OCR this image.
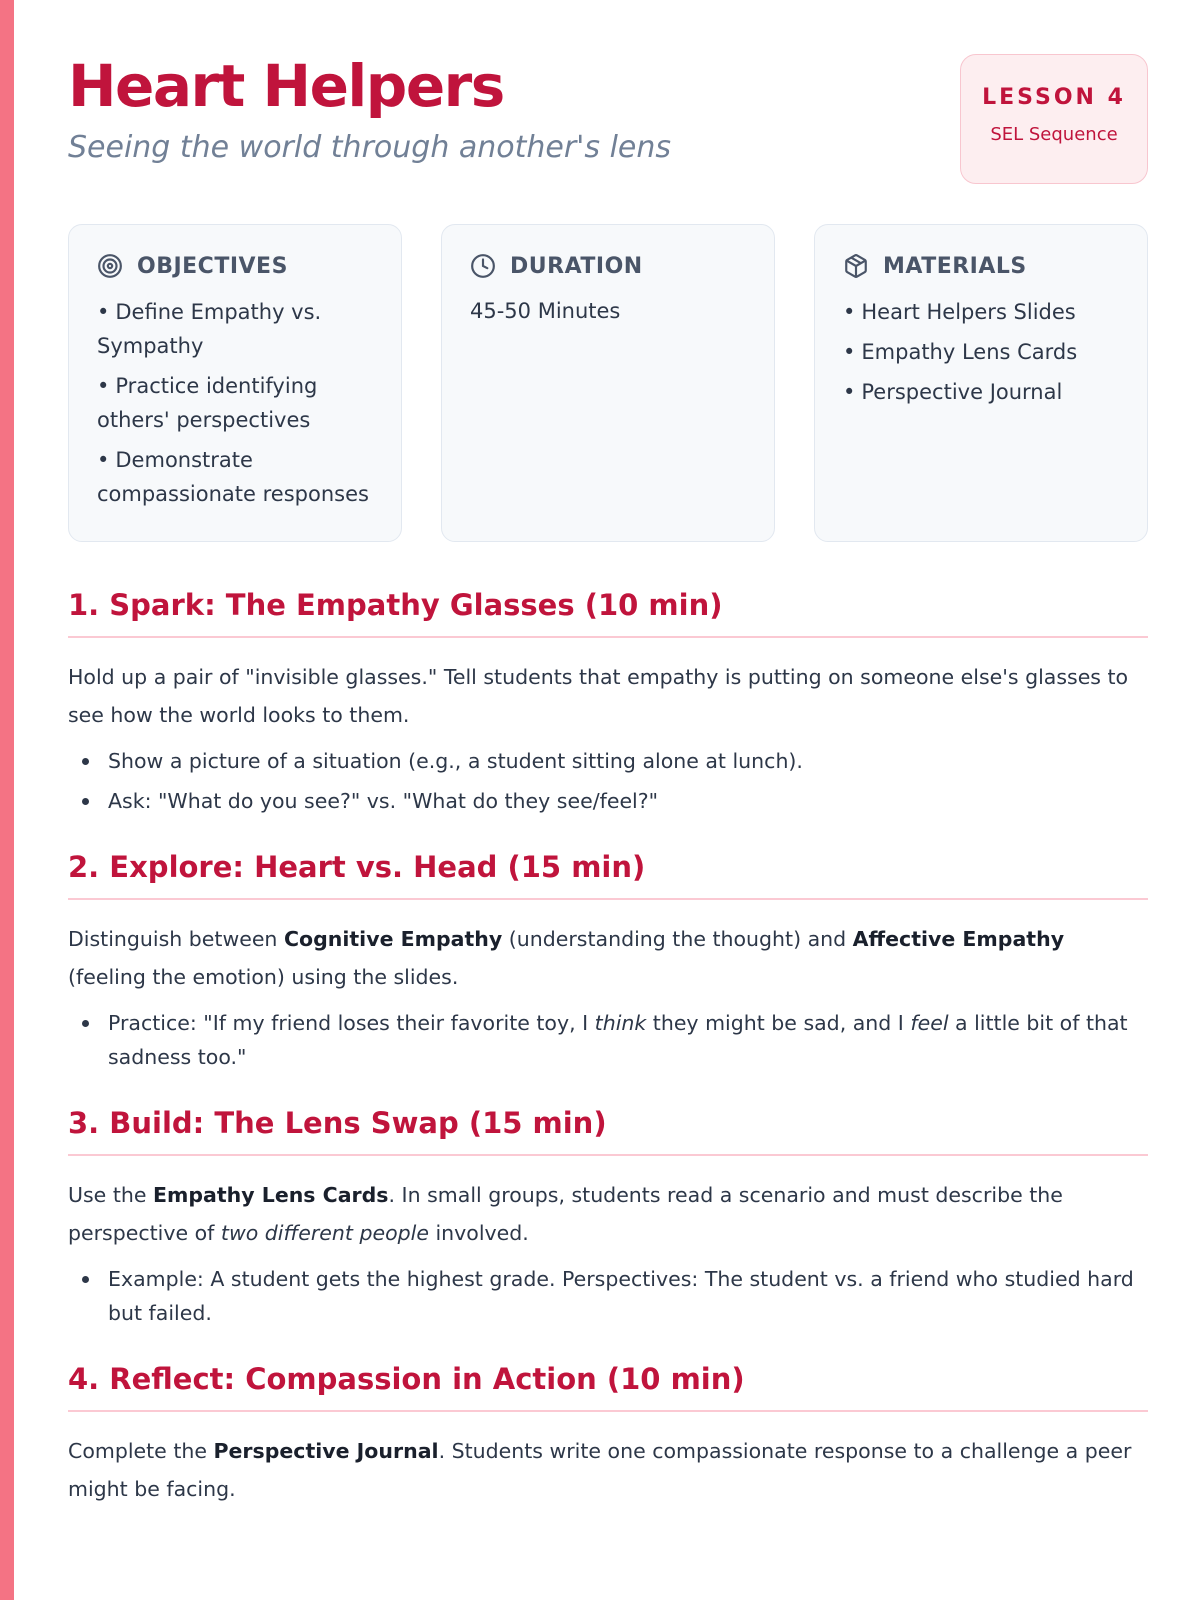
Heart Helpers

Seeing the world through another's lens

LESSON 4
SEL Sequence
OBJECTIVES
• Define Empathy vs. Sympathy
• Practice identifying others' perspectives
• Demonstrate compassionate responses
DURATION

45-50 Minutes

MATERIALS
• Heart Helpers Slides
• Empathy Lens Cards
• Perspective Journal
1. Spark: The Empathy Glasses (10 min)

Hold up a pair of "invisible glasses." Tell students that empathy is putting on someone else's glasses to see how the world looks to them.

Show a picture of a situation (e.g., a student sitting alone at lunch).
Ask: "What do you see?" vs. "What do they see/feel?"
2. Explore: Heart vs. Head (15 min)

Distinguish between Cognitive Empathy (understanding the thought) and Affective Empathy (feeling the emotion) using the slides.

Practice: "If my friend loses their favorite toy, I think they might be sad, and I feel a little bit of that sadness too."
3. Build: The Lens Swap (15 min)

Use the Empathy Lens Cards. In small groups, students read a scenario and must describe the perspective of two different people involved.

Example: A student gets the highest grade. Perspectives: The student vs. a friend who studied hard but failed.
4. Reflect: Compassion in Action (10 min)

Complete the Perspective Journal. Students write one compassionate response to a challenge a peer might be facing.
